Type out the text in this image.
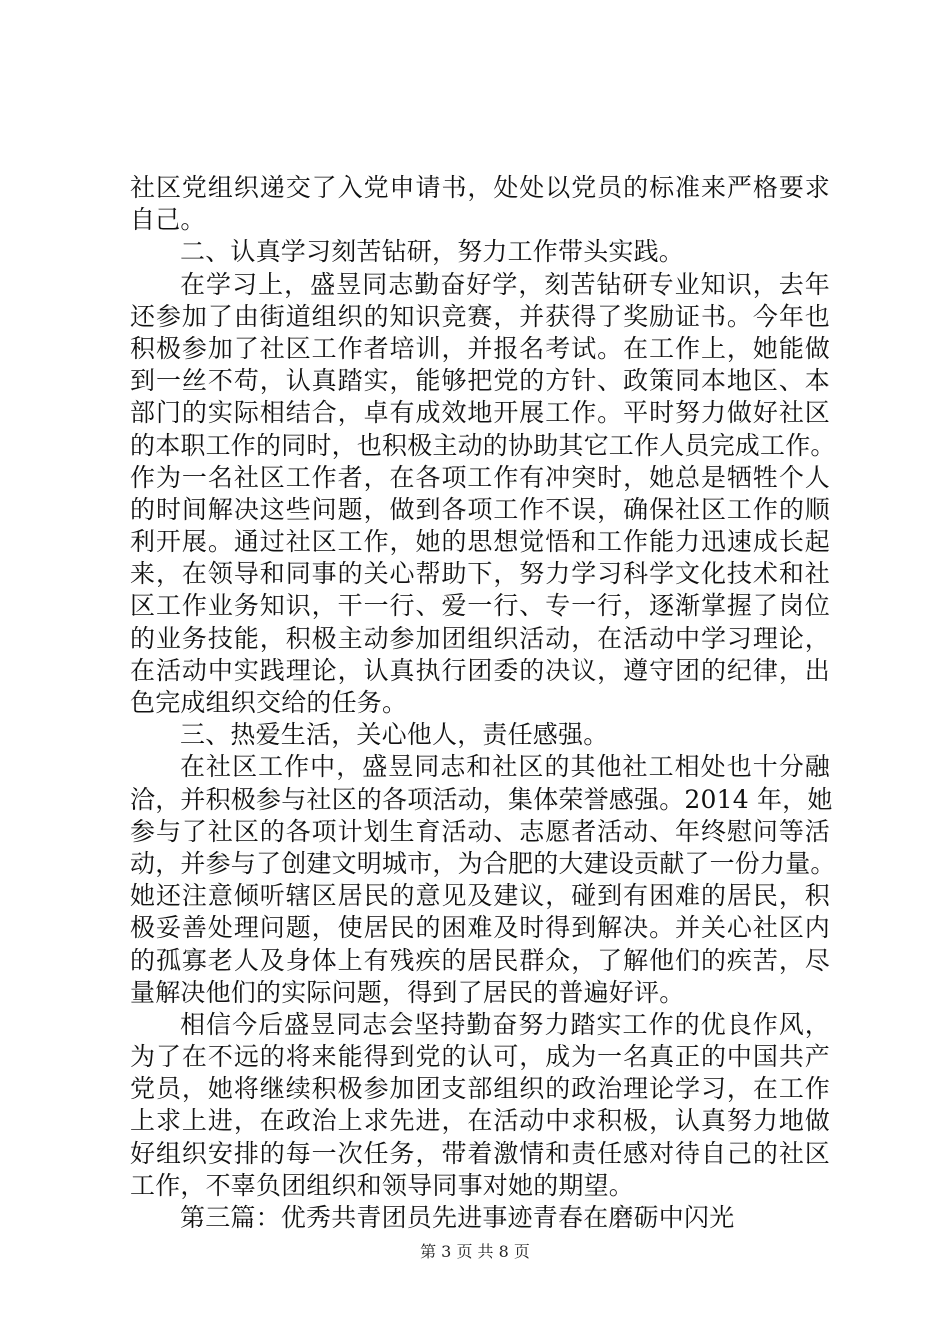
社区党组织递交了入党申请书，处处以党员的标准来严格要求
自己。
二、认真学习刻苦钻研，努力工作带头实践。
在学习上，盛昱同志勤奋好学，刻苦钻研专业知识，去年
还参加了由街道组织的知识竞赛，并获得了奖励证书。今年也
积极参加了社区工作者培训，并报名考试。在工作上，她能做
到一丝不苟，认真踏实，能够把党的方针、政策同本地区、本
部门的实际相结合，卓有成效地开展工作。平时努力做好社区
的本职工作的同时，也积极主动的协助其它工作人员完成工作。
作为一名社区工作者，在各项工作有冲突时，她总是牺牲个人
的时间解决这些问题，做到各项工作不误，确保社区工作的顺
利开展。通过社区工作，她的思想觉悟和工作能力迅速成长起
来，在领导和同事的关心帮助下，努力学习科学文化技术和社
区工作业务知识，干一行、爱一行、专一行，逐渐掌握了岗位
的业务技能，积极主动参加团组织活动，在活动中学习理论，
在活动中实践理论，认真执行团委的决议，遵守团的纪律，出
色完成组织交给的任务。
三、热爱生活，关心他人，责任感强。
在社区工作中，盛昱同志和社区的其他社工相处也十分融
洽，并积极参与社区的各项活动，集体荣誉感强。2014 年，她
参与了社区的各项计划生育活动、志愿者活动、年终慰问等活
动，并参与了创建文明城市，为合肥的大建设贡献了一份力量。
她还注意倾听辖区居民的意见及建议，碰到有困难的居民，积
极妥善处理问题，使居民的困难及时得到解决。并关心社区内
的孤寡老人及身体上有残疾的居民群众，了解他们的疾苦，尽
量解决他们的实际问题，得到了居民的普遍好评。
相信今后盛昱同志会坚持勤奋努力踏实工作的优良作风，
为了在不远的将来能得到党的认可，成为一名真正的中国共产
党员，她将继续积极参加团支部组织的政治理论学习，在工作
上求上进，在政治上求先进，在活动中求积极，认真努力地做
好组织安排的每一次任务，带着激情和责任感对待自己的社区
工作，不辜负团组织和领导同事对她的期望。
第三篇：优秀共青团员先进事迹青春在磨砺中闪光
第 3 页 共 8 页
